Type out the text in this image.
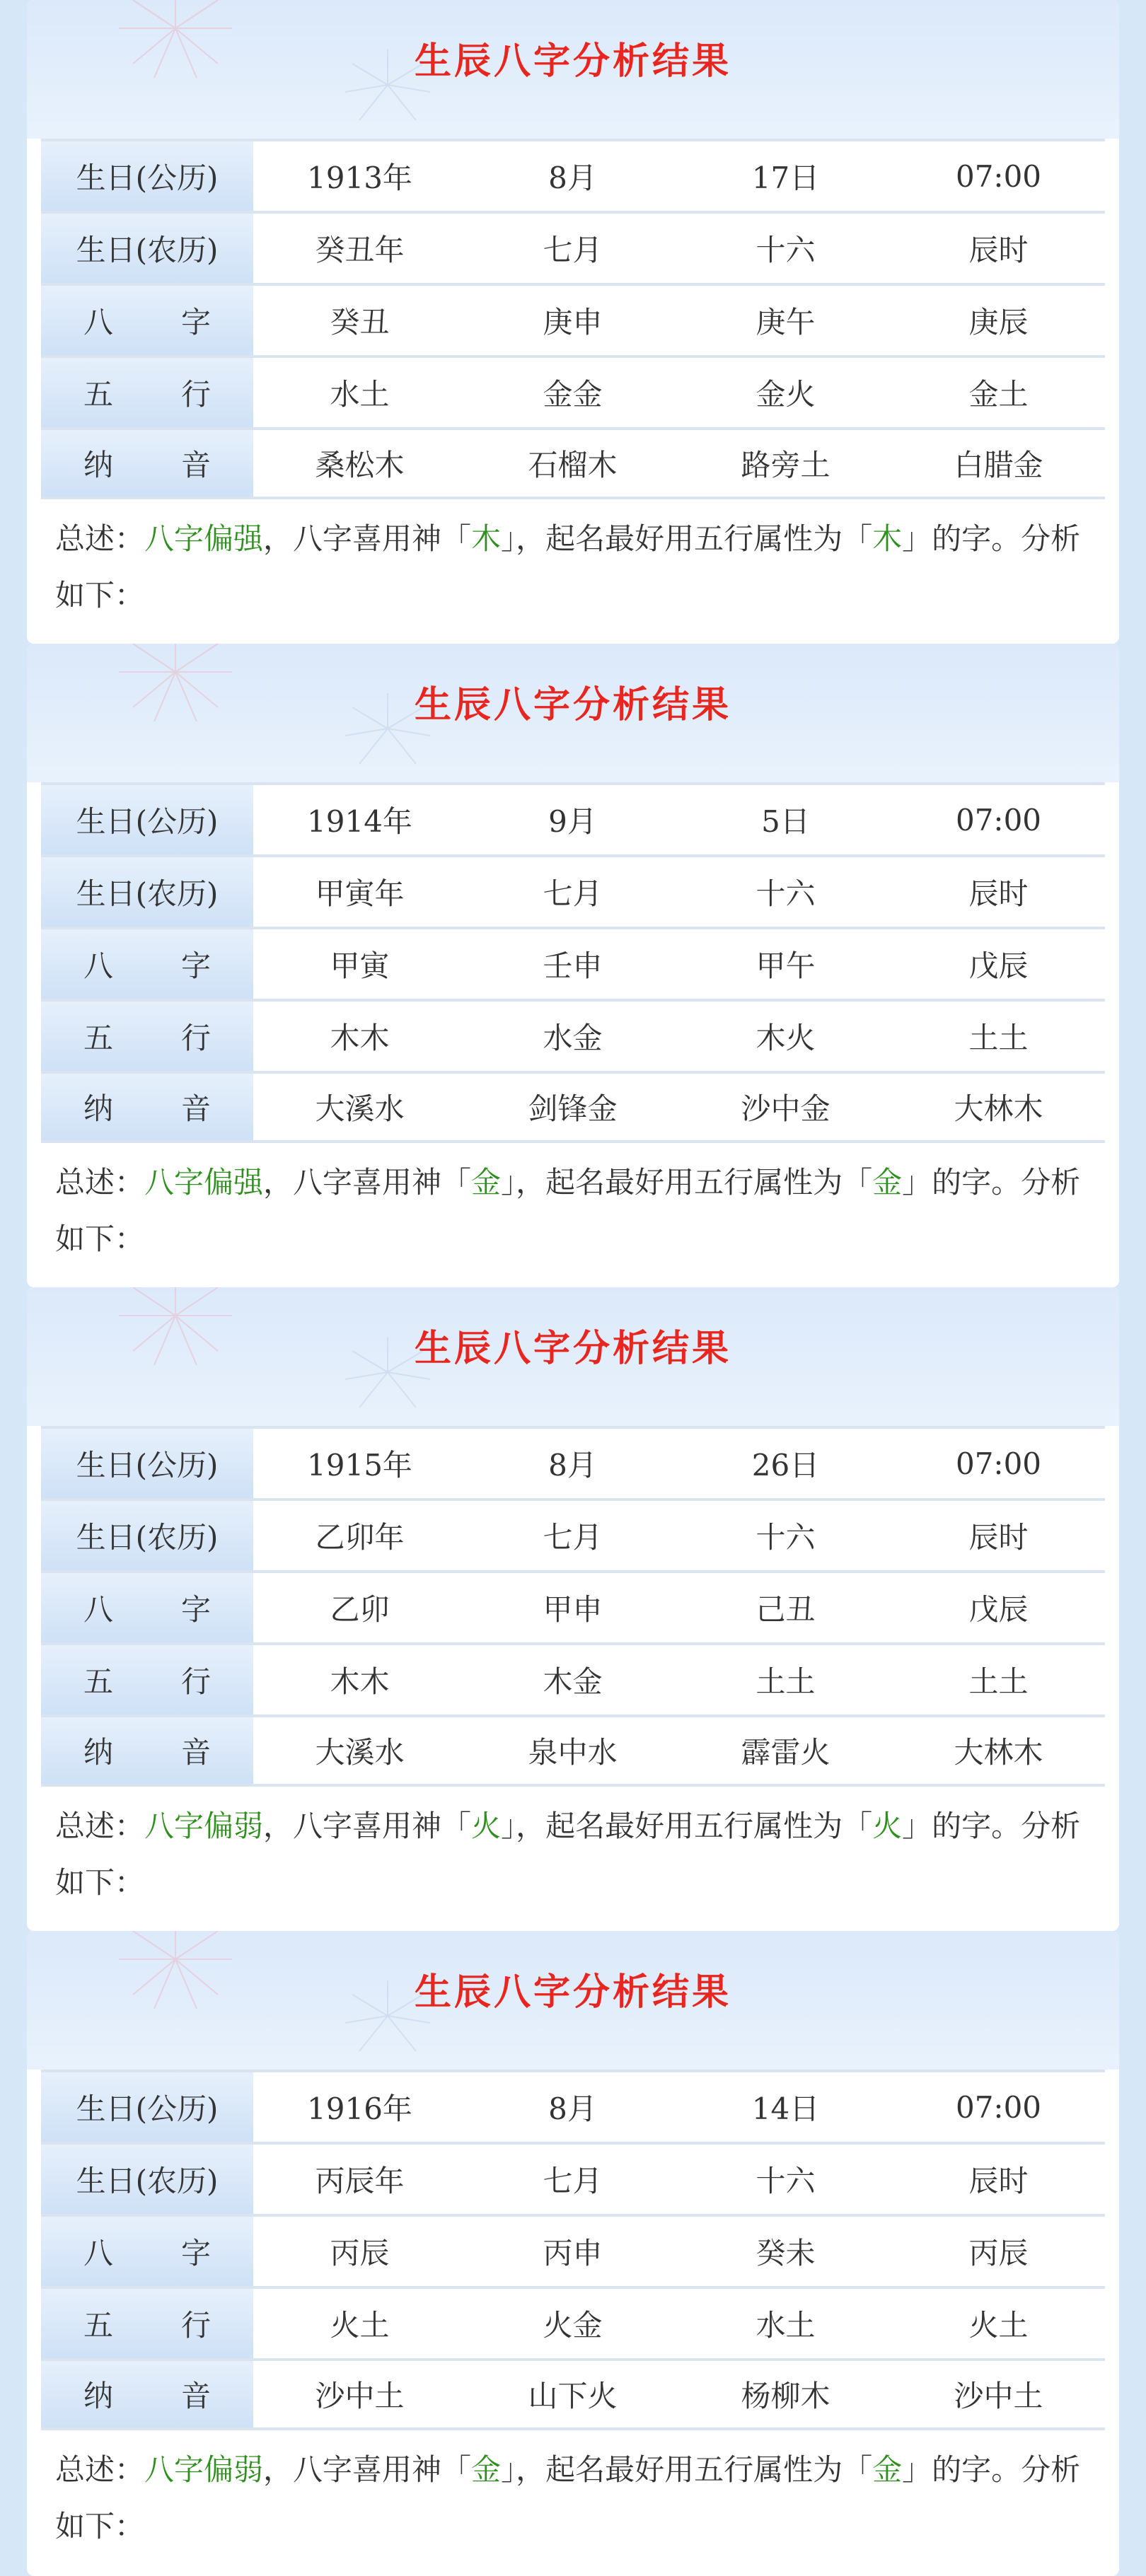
生辰八字分析结果
生日(公历)	1913年	8月	17日	07:00
生日(农历)	癸丑年	七月	十六	辰时
八 字	癸丑	庚申	庚午	庚辰
五 行	水土	金金	金火	金土
纳 音	桑松木	石榴木	路旁土	白腊金
总述：八字偏强，八字喜用神「木」，起名最好用五行属性为「木」的字。分析如下：
生辰八字分析结果
生日(公历)	1914年	9月	5日	07:00
生日(农历)	甲寅年	七月	十六	辰时
八 字	甲寅	壬申	甲午	戊辰
五 行	木木	水金	木火	土土
纳 音	大溪水	剑锋金	沙中金	大林木
总述：八字偏强，八字喜用神「金」，起名最好用五行属性为「金」的字。分析如下：
生辰八字分析结果
生日(公历)	1915年	8月	26日	07:00
生日(农历)	乙卯年	七月	十六	辰时
八 字	乙卯	甲申	己丑	戊辰
五 行	木木	木金	土土	土土
纳 音	大溪水	泉中水	霹雷火	大林木
总述：八字偏弱，八字喜用神「火」，起名最好用五行属性为「火」的字。分析如下：
生辰八字分析结果
生日(公历)	1916年	8月	14日	07:00
生日(农历)	丙辰年	七月	十六	辰时
八 字	丙辰	丙申	癸未	丙辰
五 行	火土	火金	水土	火土
纳 音	沙中土	山下火	杨柳木	沙中土
总述：八字偏弱，八字喜用神「金」，起名最好用五行属性为「金」的字。分析如下：
